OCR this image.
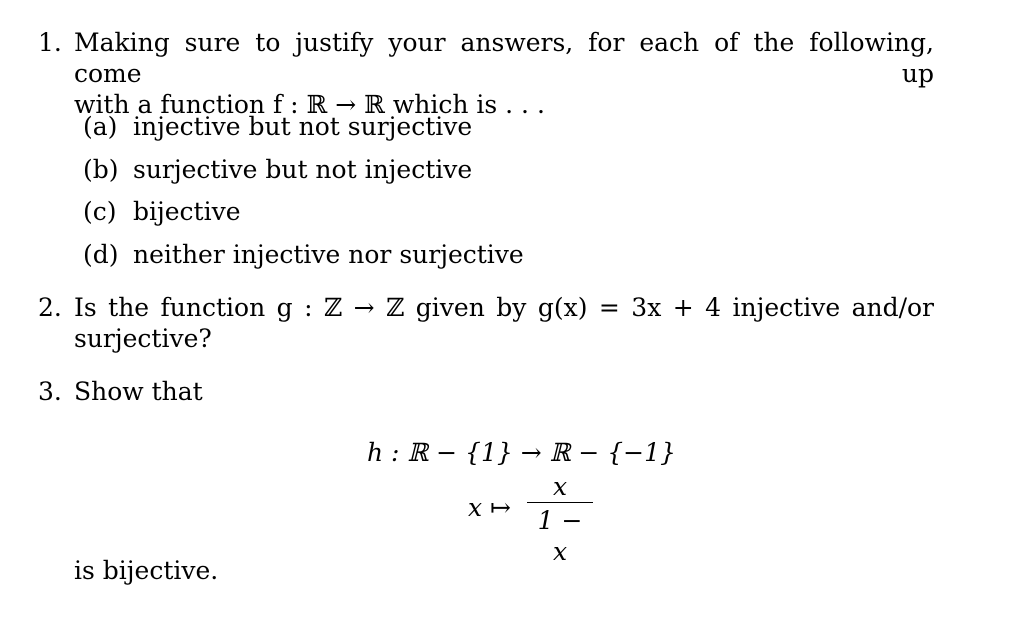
1. Making sure to justify your answers, for each of the following, come up
with a function f : ℝ → ℝ which is . . .
(a) injective but not surjective
(b) surjective but not injective
(c) bijective
(d) neither injective nor surjective
2. Is the function g : ℤ → ℤ given by g(x) = 3x + 4 injective and/or
surjective?
3. Show that
h : ℝ − {1} → ℝ − {−1}
x ↦
x
1 − x
is bijective.
